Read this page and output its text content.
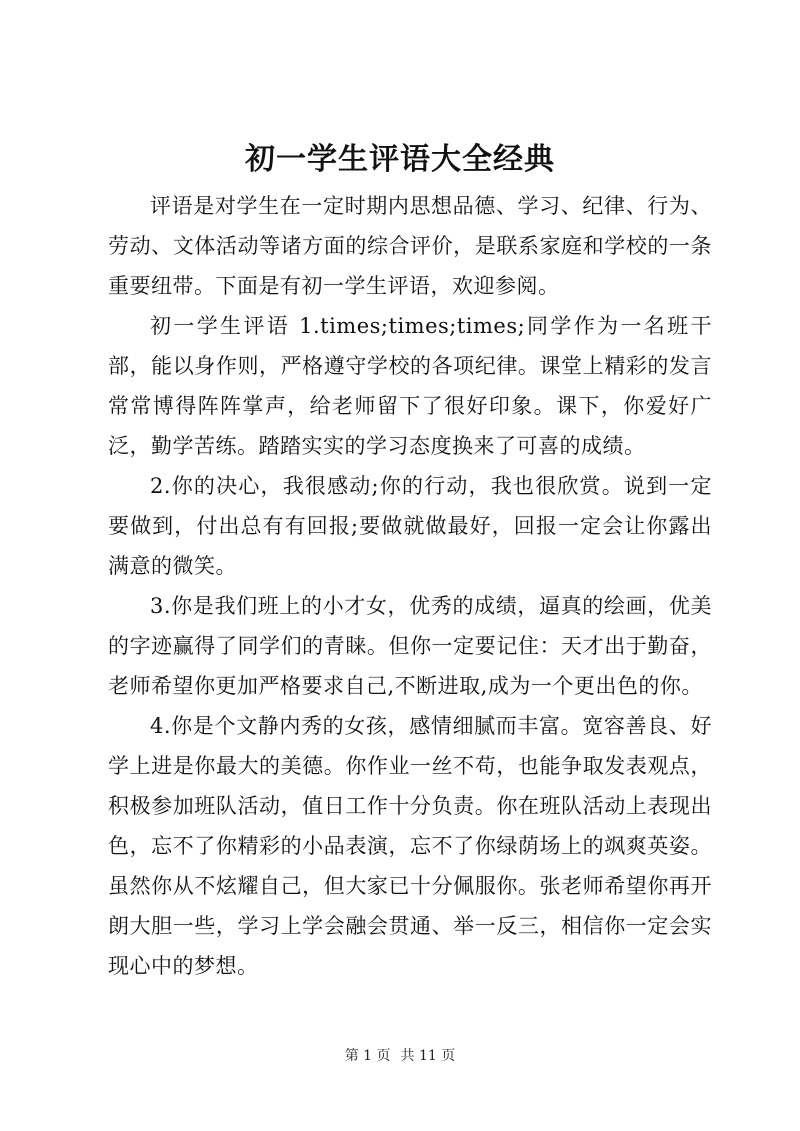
初一学生评语大全经典

评语是对学生在一定时期内思想品德、学习、纪律、行为、劳动、文体活动等诸方面的综合评价，是联系家庭和学校的一条重要纽带。下面是有初一学生评语，欢迎参阅。

初一学生评语 1.times;times;times;同学作为一名班干部，能以身作则，严格遵守学校的各项纪律。课堂上精彩的发言常常博得阵阵掌声，给老师留下了很好印象。课下，你爱好广泛，勤学苦练。踏踏实实的学习态度换来了可喜的成绩。

2.你的决心，我很感动;你的行动，我也很欣赏。说到一定要做到，付出总有有回报;要做就做最好，回报一定会让你露出满意的微笑。

3.你是我们班上的小才女，优秀的成绩，逼真的绘画，优美的字迹赢得了同学们的青睐。但你一定要记住：天才出于勤奋，老师希望你更加严格要求自己,不断进取,成为一个更出色的你。

4.你是个文静内秀的女孩，感情细腻而丰富。宽容善良、好学上进是你最大的美德。你作业一丝不苟，也能争取发表观点，积极参加班队活动，值日工作十分负责。你在班队活动上表现出色，忘不了你精彩的小品表演，忘不了你绿荫场上的飒爽英姿。虽然你从不炫耀自己，但大家已十分佩服你。张老师希望你再开朗大胆一些，学习上学会融会贯通、举一反三，相信你一定会实现心中的梦想。

第 1 页 共 11 页
